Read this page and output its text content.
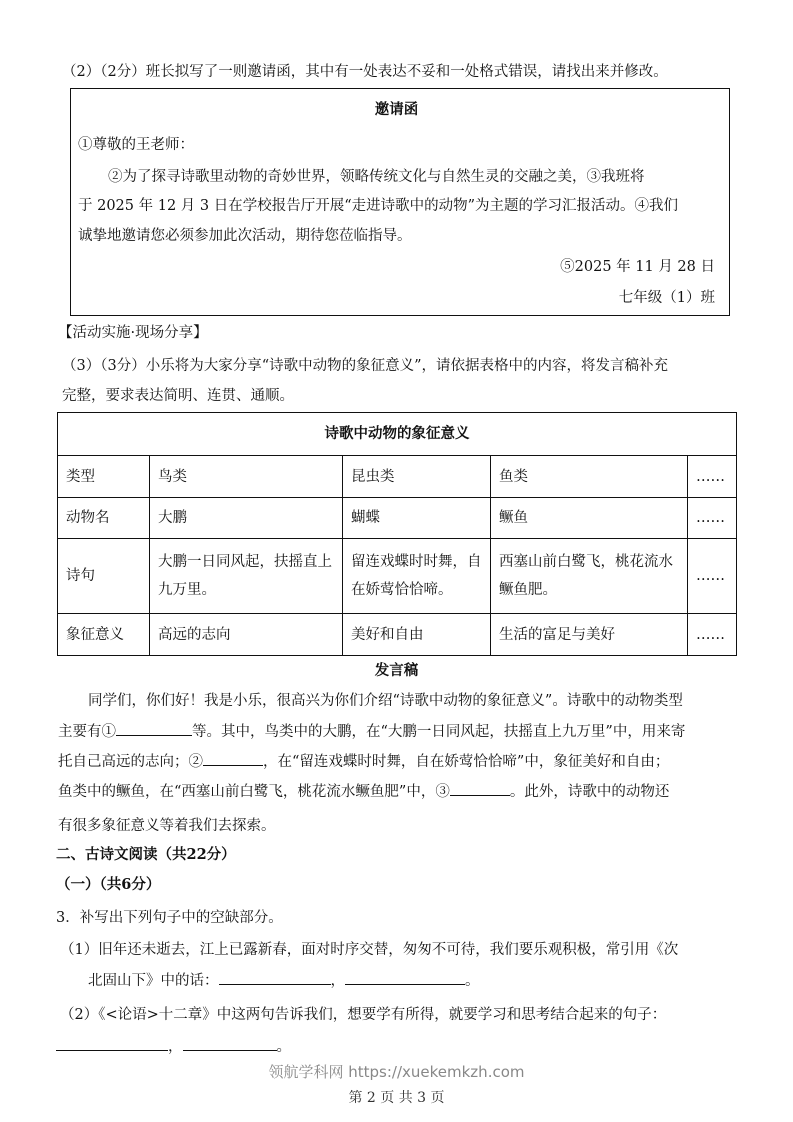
（2）（2分）班长拟写了一则邀请函，其中有一处表达不妥和一处格式错误，请找出来并修改。
邀请函
①尊敬的王老师：
②为了探寻诗歌里动物的奇妙世界，领略传统文化与自然生灵的交融之美，③我班将
于 2025 年 12 月 3 日在学校报告厅开展“走进诗歌中的动物”为主题的学习汇报活动。④我们
诚挚地邀请您必须参加此次活动，期待您莅临指导。
⑤2025 年 11 月 28 日
七年级（1）班
【活动实施·现场分享】
（3）（3分）小乐将为大家分享“诗歌中动物的象征意义”，请依据表格中的内容，将发言稿补充
完整，要求表达简明、连贯、通顺。
诗歌中动物的象征意义				
类型	鸟类	昆虫类	鱼类	……
动物名	大鹏	蝴蝶	鳜鱼	……
诗句	大鹏一日同风起，扶摇直上九万里。	留连戏蝶时时舞，自在娇莺恰恰啼。	西塞山前白鹭飞，桃花流水鳜鱼肥。	……
象征意义	高远的志向	美好和自由	生活的富足与美好	……
发言稿
同学们，你们好！我是小乐，很高兴为你们介绍“诗歌中动物的象征意义”。诗歌中的动物类型
主要有①	等。其中，鸟类中的大鹏，在“大鹏一日同风起，扶摇直上九万里”中，用来寄
托自己高远的志向；②	，在“留连戏蝶时时舞，自在娇莺恰恰啼”中，象征美好和自由；
鱼类中的鳜鱼，在“西塞山前白鹭飞，桃花流水鳜鱼肥”中，③	。此外，诗歌中的动物还
有很多象征意义等着我们去探索。
二、古诗文阅读（共22分）
（一）（共6分）
3．补写出下列句子中的空缺部分。
（1）旧年还未逝去，江上已露新春，面对时序交替，匆匆不可待，我们要乐观积极，常引用《次
北固山下》中的话：	，	。
（2）《<论语>十二章》中这两句告诉我们，想要学有所得，就要学习和思考结合起来的句子：
，	。
领航学科网 https://xuekemkzh.com
第 2 页 共 3 页
